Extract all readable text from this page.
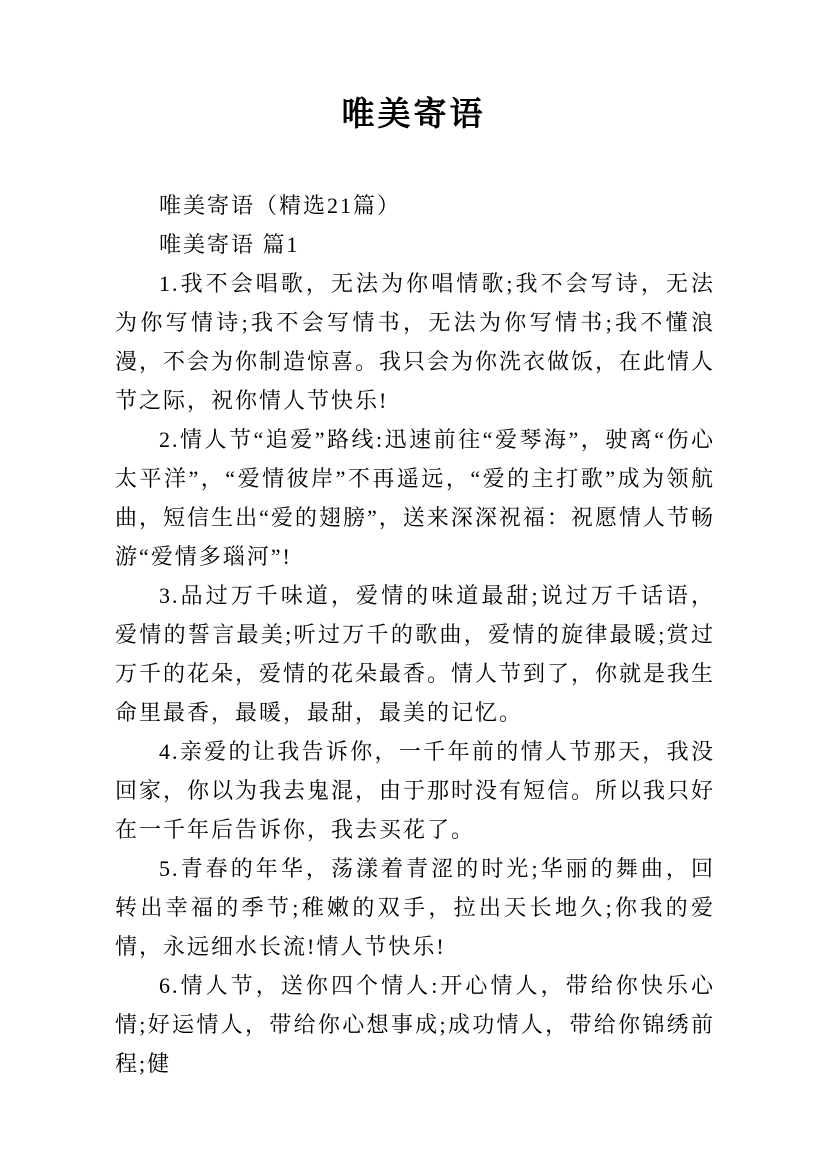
唯美寄语

唯美寄语（精选21篇）

唯美寄语 篇1

1.我不会唱歌，无法为你唱情歌;我不会写诗，无法为你写情诗;我不会写情书，无法为你写情书;我不懂浪漫，不会为你制造惊喜。我只会为你洗衣做饭，在此情人节之际，祝你情人节快乐!

2.情人节“追爱”路线:迅速前往“爱琴海”，驶离“伤心太平洋”，“爱情彼岸”不再遥远，“爱的主打歌”成为领航曲，短信生出“爱的翅膀”，送来深深祝福：祝愿情人节畅游“爱情多瑙河”!

3.品过万千味道，爱情的味道最甜;说过万千话语，爱情的誓言最美;听过万千的歌曲，爱情的旋律最暖;赏过万千的花朵，爱情的花朵最香。情人节到了，你就是我生命里最香，最暖，最甜，最美的记忆。

4.亲爱的让我告诉你，一千年前的情人节那天，我没回家，你以为我去鬼混，由于那时没有短信。所以我只好在一千年后告诉你，我去买花了。

5.青春的年华，荡漾着青涩的时光;华丽的舞曲，回转出幸福的季节;稚嫩的双手，拉出天长地久;你我的爱情，永远细水长流!情人节快乐!

6.情人节，送你四个情人:开心情人，带给你快乐心情;好运情人，带给你心想事成;成功情人，带给你锦绣前程;健
